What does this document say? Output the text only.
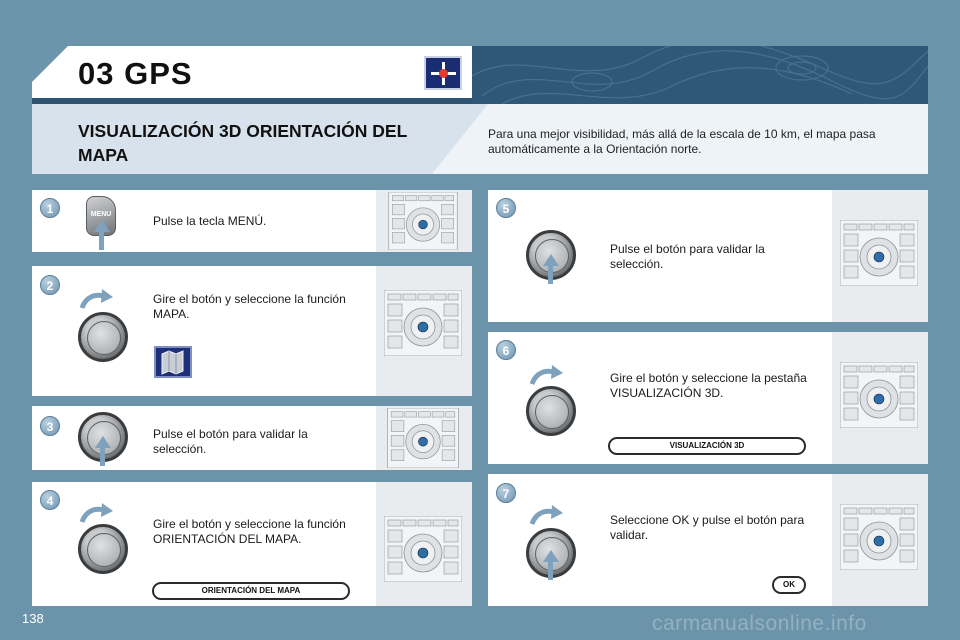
03 GPS
VISUALIZACIÓN 3D ORIENTACIÓN DEL MAPA
Para una mejor visibilidad, más allá de la escala de 10 km, el mapa pasa automáticamente a la Orientación norte.
1	MENU	Pulse la tecla MENÚ.
2
Gire el botón y seleccione la función MAPA.
3	Pulse el botón para validar la selección.
4
Gire el botón y seleccione la función ORIENTACIÓN DEL MAPA.
ORIENTACIÓN DEL MAPA
5
Pulse el botón para validar la selección.
6
Gire el botón y seleccione la pestaña VISUALIZACIÓN 3D.
VISUALIZACIÓN 3D
7
Seleccione OK y pulse el botón para validar.
OK
138	carmanualsonline.info
